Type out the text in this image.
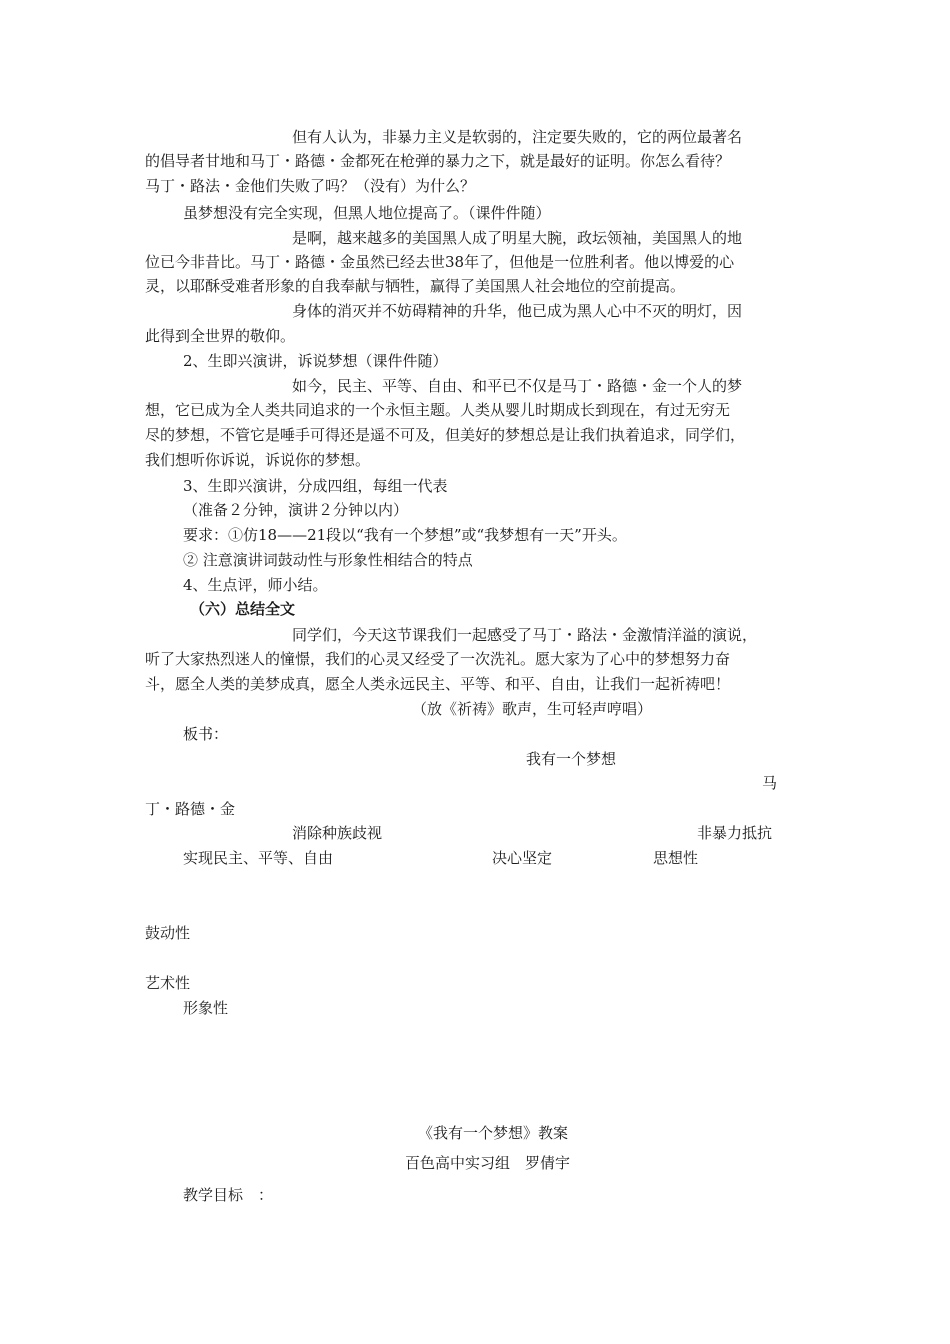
但有人认为，非暴力主义是软弱的，注定要失败的，它的两位最著名
的倡导者甘地和马丁・路德・金都死在枪弹的暴力之下，就是最好的证明。你怎么看待？
马丁・路法・金他们失败了吗？（没有）为什么？
虽梦想没有完全实现，但黑人地位提高了。（课件件随）
是啊，越来越多的美国黑人成了明星大腕，政坛领袖，美国黑人的地
位已今非昔比。马丁・路德・金虽然已经去世38年了，但他是一位胜利者。他以博爱的心
灵，以耶酥受难者形象的自我奉献与牺牲，赢得了美国黑人社会地位的空前提高。
身体的消灭并不妨碍精神的升华，他已成为黑人心中不灭的明灯，因
此得到全世界的敬仰。
2、生即兴演讲，诉说梦想（课件件随）
如今，民主、平等、自由、和平已不仅是马丁・路德・金一个人的梦
想，它已成为全人类共同追求的一个永恒主题。人类从婴儿时期成长到现在，有过无穷无
尽的梦想，不管它是唾手可得还是遥不可及，但美好的梦想总是让我们执着追求，同学们，
我们想听你诉说，诉说你的梦想。
3、生即兴演讲，分成四组，每组一代表
（准备２分钟，演讲２分钟以内）
要求：①仿18——21段以“我有一个梦想”或“我梦想有一天”开头。
② 注意演讲词鼓动性与形象性相结合的特点
4、生点评，师小结。
（六）总结全文
同学们，今天这节课我们一起感受了马丁・路法・金激情洋溢的演说，
听了大家热烈迷人的憧憬，我们的心灵又经受了一次洗礼。愿大家为了心中的梦想努力奋
斗，愿全人类的美梦成真，愿全人类永远民主、平等、和平、自由，让我们一起祈祷吧！
（放《祈祷》歌声，生可轻声哼唱）
板书：
我有一个梦想
马
丁・路德・金
消除种族歧视	非暴力抵抗
实现民主、平等、自由	决心坚定	思想性
鼓动性
艺术性
形象性
《我有一个梦想》教案
百色高中实习组　罗倩宇
教学目标　：
